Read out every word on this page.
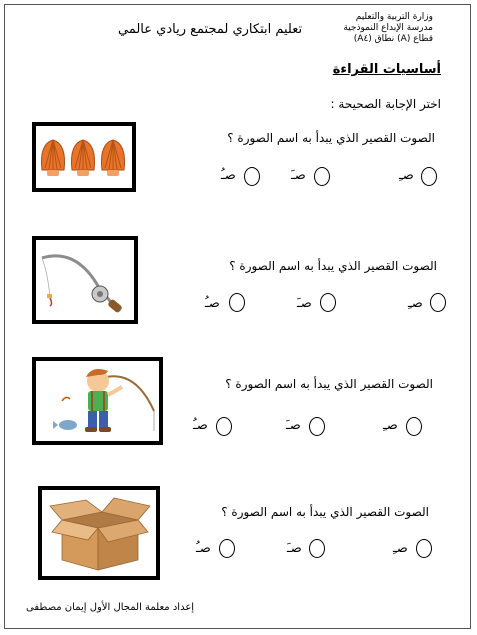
وزارة التربية والتعليم
مدرسة الإبداع النموذجية
قطاع (A) نطاق (A٤)
تعليم ابتكاري لمجتمع ريادي عالمي
أساسيات القراءة
اختر الإجابة الصحيحة :
الصوت القصير الذي يبدأ به اسم الصورة ؟
صـِ
صـَ
صـُ
الصوت القصير الذي يبدأ به اسم الصورة ؟
صـِ
صـَ
صـُ
الصوت القصير الذي يبدأ به اسم الصورة ؟
صـِ
صـَ
صـُ
الصوت القصير الذي يبدأ به اسم الصورة ؟
صـِ
صـَ
صـُ
إعداد معلمة المجال الأول إيمان مصطفى
